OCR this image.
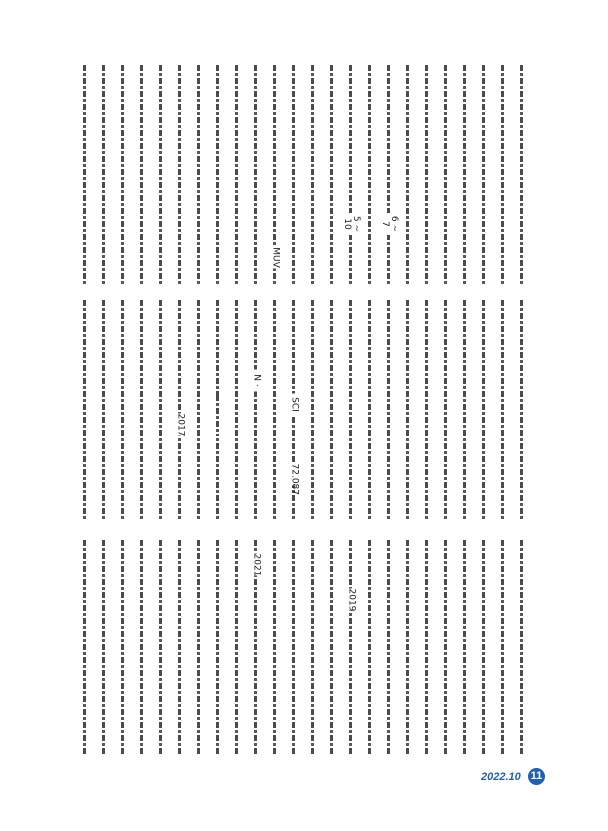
MUV
5 ~ 10	6 ~ 7
N ·
SCI
72.087
2017
2021
2019
2022.10 11
